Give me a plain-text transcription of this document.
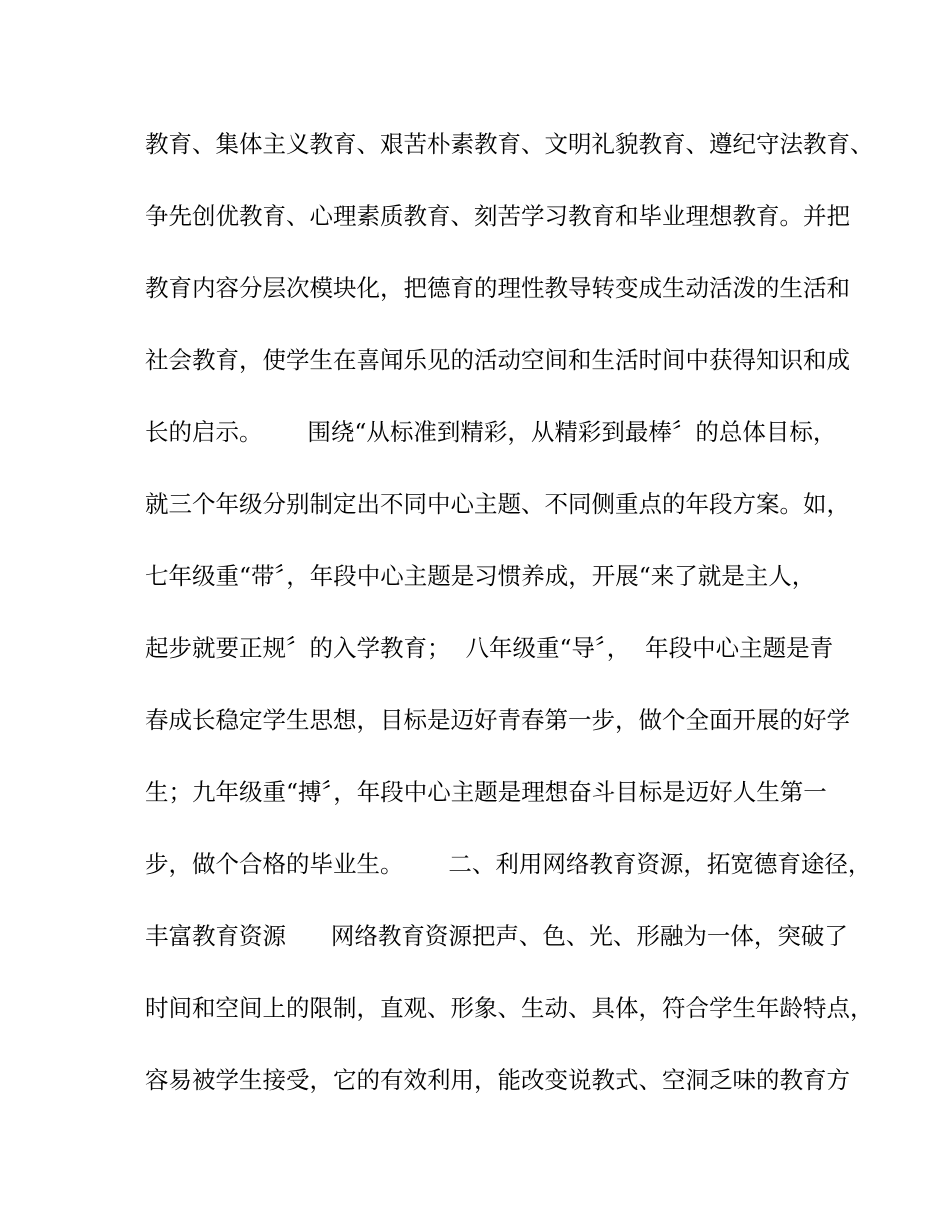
教育、集体主义教育、艰苦朴素教育、文明礼貌教育、遵纪守法教育、
争先创优教育、心理素质教育、刻苦学习教育和毕业理想教育。并把
教育内容分层次模块化，把德育的理性教导转变成生动活泼的生活和
社会教育，使学生在喜闻乐见的活动空间和生活时间中获得知识和成
长的启示。      围绕“从标准到精彩，从精彩到最棒〞的总体目标，
就三个年级分别制定出不同中心主题、不同侧重点的年段方案。如，
七年级重“带〞，年段中心主题是习惯养成，开展“来了就是主人，
起步就要正规〞的入学教育；  八年级重“导〞，  年段中心主题是青
春成长稳定学生思想，目标是迈好青春第一步，做个全面开展的好学
生；九年级重“搏〞，年段中心主题是理想奋斗目标是迈好人生第一
步，做个合格的毕业生。      二、利用网络教育资源，拓宽德育途径，
丰富教育资源      网络教育资源把声、色、光、形融为一体，突破了
时间和空间上的限制，直观、形象、生动、具体，符合学生年龄特点，
容易被学生接受，它的有效利用，能改变说教式、空洞乏味的教育方
